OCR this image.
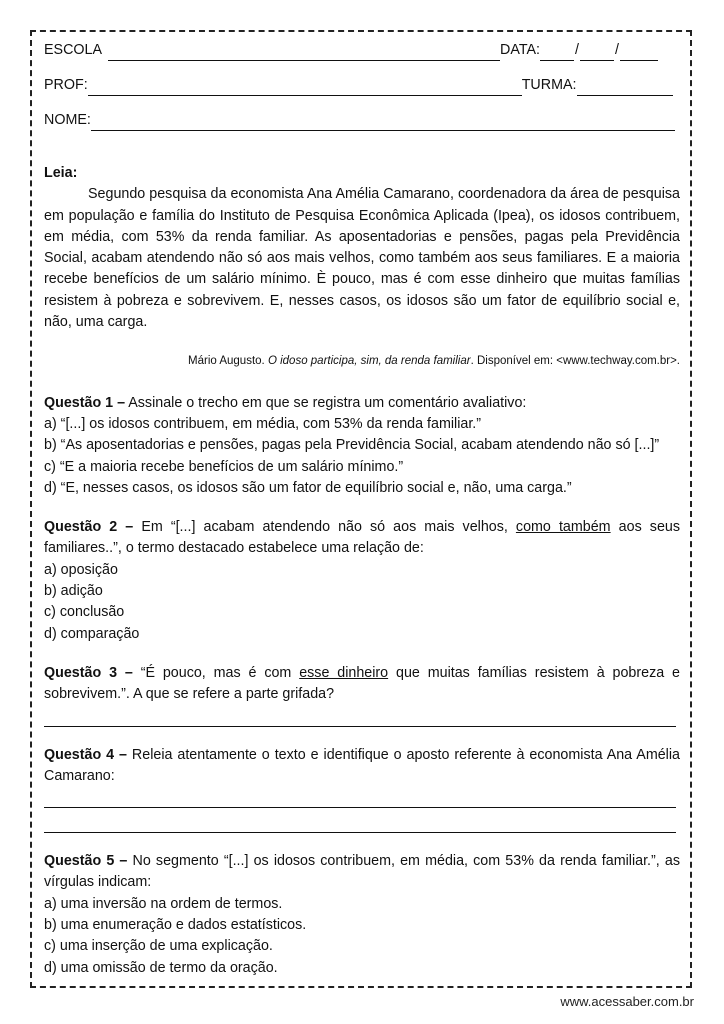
ESCOLA	DATA: /	/
PROF:	TURMA:
NOME:
Leia:

Segundo pesquisa da economista Ana Amélia Camarano, coordenadora da área de pesquisa em população e família do Instituto de Pesquisa Econômica Aplicada (Ipea), os idosos contribuem, em média, com 53% da renda familiar. As aposentadorias e pensões, pagas pela Previdência Social, acabam atendendo não só aos mais velhos, como também aos seus familiares. E a maioria recebe benefícios de um salário mínimo. È pouco, mas é com esse dinheiro que muitas famílias resistem à pobreza e sobrevivem. E, nesses casos, os idosos são um fator de equilíbrio social e, não, uma carga.

Mário Augusto. O idoso participa, sim, da renda familiar. Disponível em: <www.techway.com.br>.

Questão 1 – Assinale o trecho em que se registra um comentário avaliativo:

a) “[...] os idosos contribuem, em média, com 53% da renda familiar.”

b) “As aposentadorias e pensões, pagas pela Previdência Social, acabam atendendo não só [...]”

c) “E a maioria recebe benefícios de um salário mínimo.”

d) “E, nesses casos, os idosos são um fator de equilíbrio social e, não, uma carga.”

Questão 2 – Em “[...] acabam atendendo não só aos mais velhos, como também aos seus familiares..”, o termo destacado estabelece uma relação de:

a) oposição

b) adição

c) conclusão

d) comparação

Questão 3 – “É pouco, mas é com esse dinheiro que muitas famílias resistem à pobreza e sobrevivem.”. A que se refere a parte grifada?

Questão 4 – Releia atentamente o texto e identifique o aposto referente à economista Ana Amélia Camarano:

Questão 5 – No segmento “[...] os idosos contribuem, em média, com 53% da renda familiar.”, as vírgulas indicam:

a) uma inversão na ordem de termos.

b) uma enumeração e dados estatísticos.

c) uma inserção de uma explicação.

d) uma omissão de termo da oração.

www.acessaber.com.br
